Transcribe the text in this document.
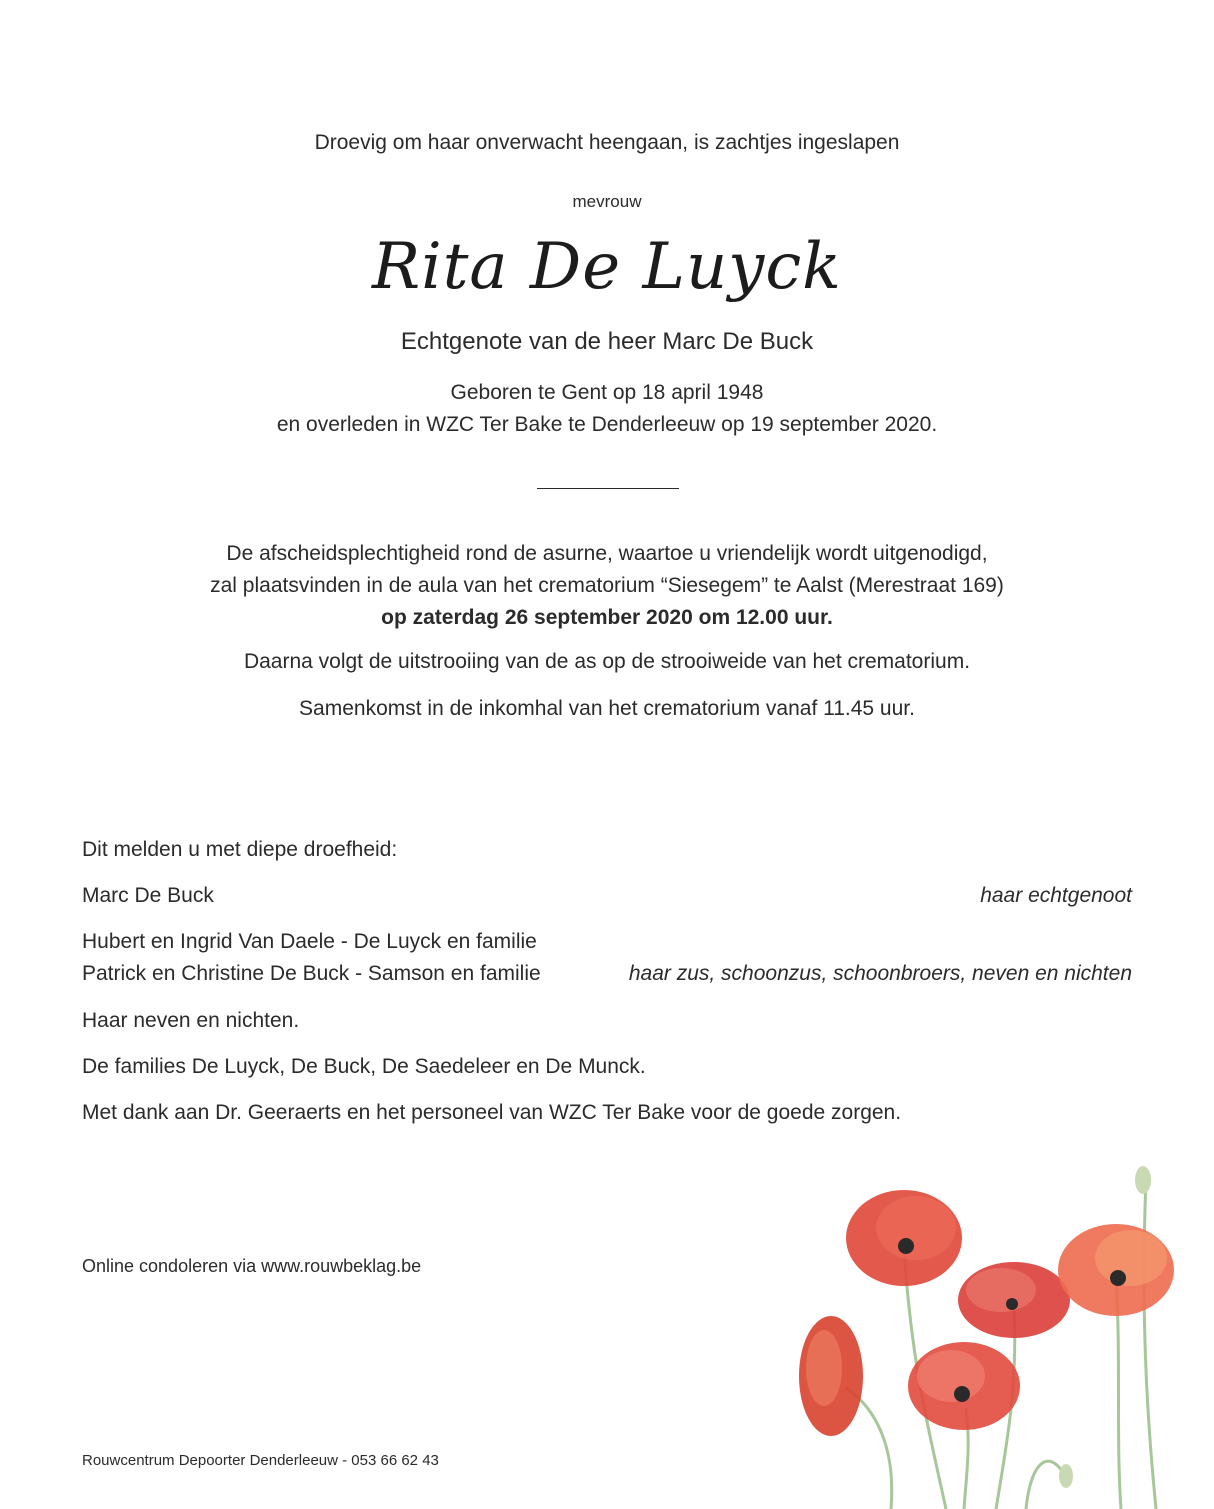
Droevig om haar onverwacht heengaan, is zachtjes ingeslapen
mevrouw
Rita De Luyck
Echtgenote van de heer Marc De Buck
Geboren te Gent op 18 april 1948
en overleden in WZC Ter Bake te Denderleeuw op 19 september 2020.
De afscheidsplechtigheid rond de asurne, waartoe u vriendelijk wordt uitgenodigd,
zal plaatsvinden in de aula van het crematorium “Siesegem” te Aalst (Merestraat 169)
op zaterdag 26 september 2020 om 12.00 uur.
Daarna volgt de uitstrooiing van de as op de strooiweide van het crematorium.
Samenkomst in de inkomhal van het crematorium vanaf 11.45 uur.
Dit melden u met diepe droefheid:
Marc De Buck	haar echtgenoot
Hubert en Ingrid Van Daele - De Luyck en familie
Patrick en Christine De Buck - Samson en familie	haar zus, schoonzus, schoonbroers, neven en nichten
Haar neven en nichten.
De families De Luyck, De Buck, De Saedeleer en De Munck.
Met dank aan Dr. Geeraerts en het personeel van WZC Ter Bake voor de goede zorgen.
Online condoleren via www.rouwbeklag.be
Rouwcentrum Depoorter Denderleeuw - 053 66 62 43
